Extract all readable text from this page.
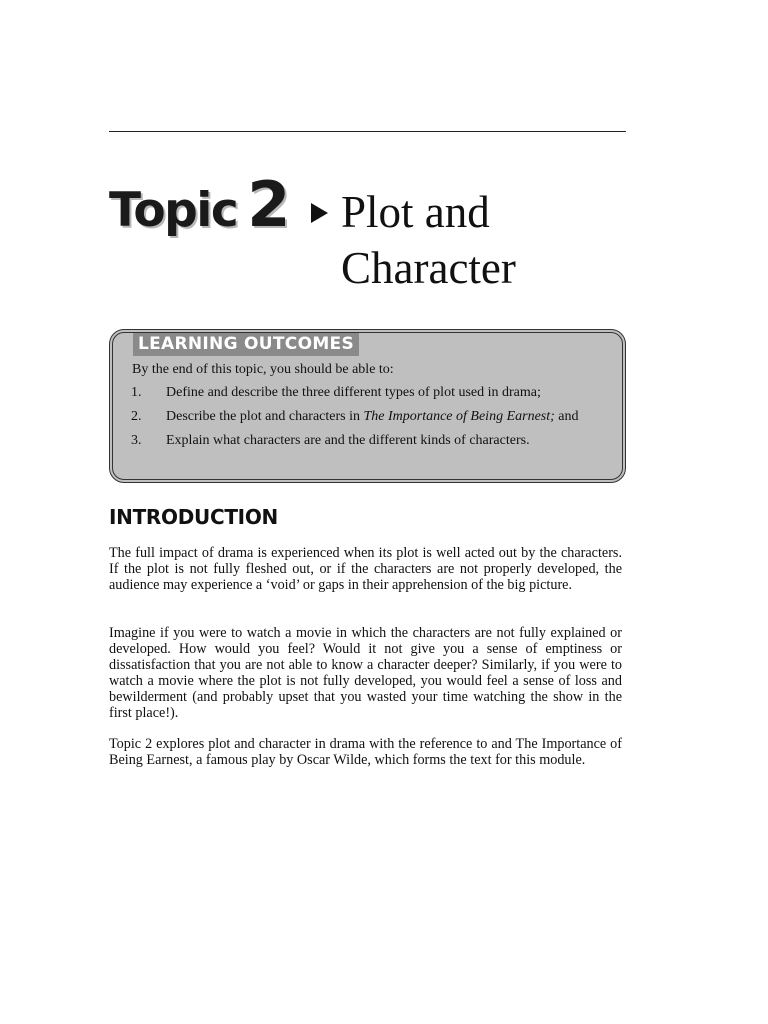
Topic 2 Plot and
Character
LEARNING OUTCOMES
By the end of this topic, you should be able to:
1. Define and describe the three different types of plot used in drama;
2. Describe the plot and characters in The Importance of Being Earnest; and
3. Explain what characters are and the different kinds of characters.
INTRODUCTION

The full impact of drama is experienced when its plot is well acted out by the characters. If the plot is not fully fleshed out, or if the characters are not properly developed, the audience may experience a ‘void’ or gaps in their apprehension of the big picture.

Imagine if you were to watch a movie in which the characters are not fully explained or developed. How would you feel? Would it not give you a sense of emptiness or dissatisfaction that you are not able to know a character deeper? Similarly, if you were to watch a movie where the plot is not fully developed, you would feel a sense of loss and bewilderment (and probably upset that you wasted your time watching the show in the first place!).

Topic 2 explores plot and character in drama with the reference to and The Importance of Being Earnest, a famous play by Oscar Wilde, which forms the text for this module.
